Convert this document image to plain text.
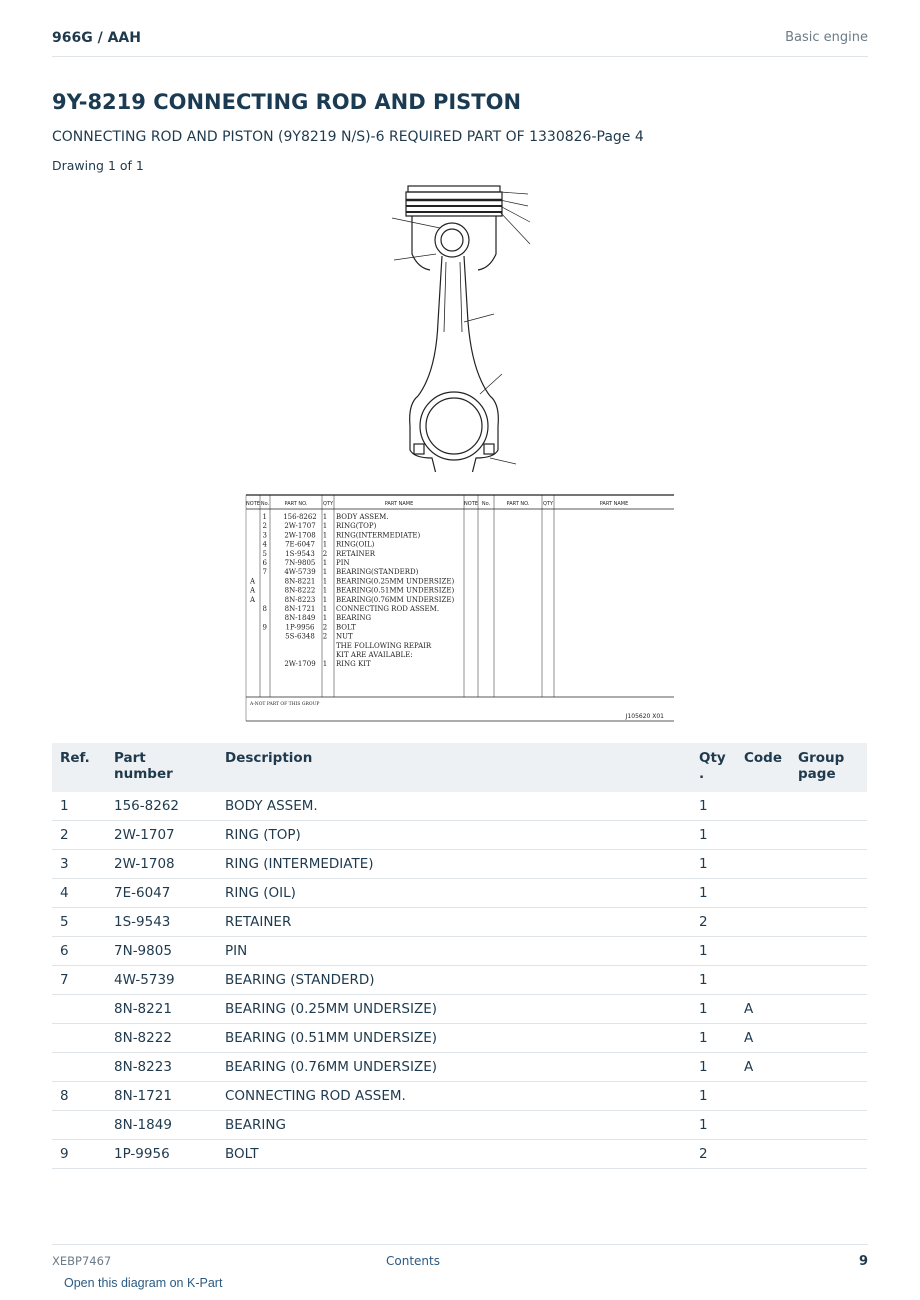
966G / AAH	Basic engine
9Y-8219 CONNECTING ROD AND PISTON
CONNECTING ROD AND PISTON (9Y8219 N/S)-6 REQUIRED PART OF 1330826-Page 4
Drawing 1 of 1
NOTE No.	PART NO.	QTY	PART NAME	NOTE No.	PART NO.	QTY	PART NAME
1 156-8262 1 BODY ASSEM.
2 2W-1707 1 RING(TOP)
3 2W-1708 1 RING(INTERMEDIATE)
4	7E-6047 1 RING(OIL)
5	1S-9543 2 RETAINER
6	7N-9805 1 PIN
7 4W-5739 1 BEARING(STANDERD)
A	8N-8221 1 BEARING(0.25MM UNDERSIZE)
A	8N-8222 1 BEARING(0.51MM UNDERSIZE)
A	8N-8223 1 BEARING(0.76MM UNDERSIZE)
8	8N-1721 1 CONNECTING ROD ASSEM.
8N-1849 1 BEARING
9	1P-9956 2 BOLT
5S-6348 2 NUT
THE FOLLOWING REPAIR
KIT ARE AVAILABLE:
2W-1709 1 RING KIT
A-NOT PART OF THIS GROUP
J105620 X01
Ref.	Part number	Description	Qty
.	Code	Group page
1	156-8262	BODY ASSEM.	1		
2	2W-1707	RING (TOP)	1		
3	2W-1708	RING (INTERMEDIATE)	1		
4	7E-6047	RING (OIL)	1		
5	1S-9543	RETAINER	2		
6	7N-9805	PIN	1		
7	4W-5739	BEARING (STANDERD)	1		
	8N-8221	BEARING (0.25MM UNDERSIZE)	1	A	
	8N-8222	BEARING (0.51MM UNDERSIZE)	1	A	
	8N-8223	BEARING (0.76MM UNDERSIZE)	1	A	
8	8N-1721	CONNECTING ROD ASSEM.	1		
	8N-1849	BEARING	1		
9	1P-9956	BOLT	2		
XEBP7467	Contents	9
Open this diagram on K-Part
